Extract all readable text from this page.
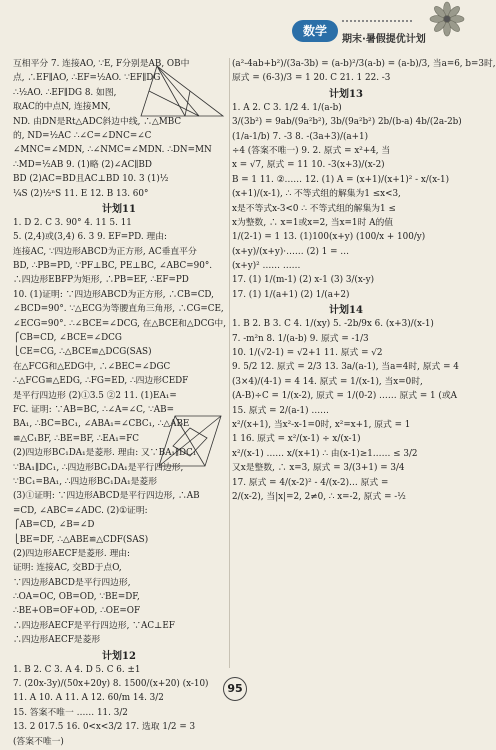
数学
期末·暑假提优计划
互相平分 7. 连接AO, ∵E, F分别是AB, OB中
点, ∴EF∥AO, ∴EF=½AO. ∵EF∥DG
∴½AO. ∴EF∥DG 8. 如图,
取AC的中点N, 连接MN,
ND. 由DN是Rt△ADC斜边中线, ∴△MBC
的, ND=½AC ∴∠C=∠DNC=∠C
∠MNC=∠MDN, ∴∠NMC=∠MDN. ∴DN=MN
∴MD=½AB 9. (1)略 (2)∠AC∥BD
BD (2)AC=BD且AC⊥BD 10. 3 (1)½
¼S (2)½ⁿS 11. E 12. B 13. 60°
计划11
1. D 2. C 3. 90° 4. 11 5. 11
5. (2,4)或(3,4) 6. 3 9. EF=PD. 理由:
连接AC, ∵四边形ABCD为正方形, AC垂直平分
BD, ∴PB=PD, ∵PF⊥BC, PE⊥BC, ∠ABC=90°.
∴四边形EBFP为矩形, ∴PB=EF, ∴EF=PD
10. (1)证明: ∵四边形ABCD为正方形, ∴CB=CD,
∠BCD=90°. ∵△ECG为等腰直角三角形, ∴CG=CE,
∠ECG=90°. ∴∠BCE=∠DCG, 在△BCE和△DCG中,
⎧CB=CD, ∠BCE=∠DCG
⎩CE=CG, ∴△BCE≌△DCG(SAS)
在△FCG和△EDG中, ∴∠BEC=∠DGC
∴△FCG≌△EDG, ∴FG=ED, ∴四边形CEDF
是平行四边形 (2)①3.5 ②2 11. (1)EA₁=
FC. 证明: ∵AB=BC, ∴∠A=∠C, ∵AB=
BA₁, ∴BC=BC₁, ∠ABA₁=∠CBC₁, ∴△ABE
≌△C₁BF, ∴BE=BF, ∴EA₁=FC
(2)四边形BC₁DA₁是菱形. 理由: 又∵BA₁∥DC₁
∵BA₁∥DC₁, ∴四边形BC₁DA₁是平行四边形,
∵BC₁=BA₁, ∴四边形BC₁DA₁是菱形
(3)①证明: ∵四边形ABCD是平行四边形, ∴AB
=CD, ∠ABC=∠ADC. (2)①证明:
⎧AB=CD, ∠B=∠D
⎩BE=DF, ∴△ABE≌△CDF(SAS)
(2)四边形AECF是菱形. 理由:
证明: 连接AC, 交BD于点O,
∵四边形ABCD是平行四边形,
∴OA=OC, OB=OD, ∵BE=DF,
∴BE+OB=OF+OD, ∴OE=OF
∴四边形AECF是平行四边形, ∵AC⊥EF
∴四边形AECF是菱形
计划12
1. B 2. C 3. A 4. D 5. C 6. ±1
7. (20x-3y)/(50x+20y) 8. 1500/(x+20) (x-10)
11. A 10. A 11. A 12. 60/m 14. 3/2
15. 答案不唯一 …… 11. 3/2
13. 2 017.5 16. 0<x<3/2 17. 选取 1/2 = 3
(答案不唯一)
(a²-4ab+b²)/(3a-3b) = (a-b)²/3(a-b) = (a-b)/3, 当a=6, b=3时,
原式 = (6-3)/3 = 1 20. C 21. 1 22. -3
计划13
1. A 2. C 3. 1/2 4. 1/(a-b)
3/(3b²) = 9ab/(9a²b²), 3b/(9a²b²) 2b/(b-a) 4b/(2a-2b)
(1/a-1/b) 7. -3 8. -(3a+3)/(a+1)
÷4 (答案不唯一) 9. 2. 原式 = x²+4, 当
x = √7, 原式 = 11 10. -3(x+3)/(x-2)
B = 1 11. ②…… 12. (1) A = (x+1)/(x+1)² - x/(x-1)
(x+1)/(x-1), ∴ 不等式组的解集为1 ≤x<3,
x是不等式x-3<0 ∴ 不等式组的解集为1 ≤
x为整数, ∴ x=1或x=2, 当x=1时 A的值
1/(2-1) = 1 13. (1)100(x+y) (100/x + 100/y)
(x+y)/(x+y)·…… (2) 1 = …
(x+y)² …… ……
17. (1) 1/(m-1) (2) x-1 (3) 3/(x-y)
17. (1) 1/(a+1) (2) 1/(a+2)
计划14
1. B 2. B 3. C 4. 1/(xy) 5. -2b/9x 6. (x+3)/(x-1)
7. -m²n 8. 1/(a-b) 9. 原式 = -1/3
10. 1/(√2-1) = √2+1 11. 原式 = √2
9. 5/2 12. 原式 = 2/3 13. 3a/(a-1), 当a=4时, 原式 = 4
(3×4)/(4-1) = 4 14. 原式 = 1/(x-1), 当x=0时,
(A-B)÷C = 1/(x-2), 原式 = 1/(0-2) …… 原式 = 1 (或A
15. 原式 = 2/(a-1) ……
x²/(x+1), 当x²-x-1=0时, x²=x+1, 原式 = 1
1 16. 原式 = x²/(x-1) ÷ x/(x-1)
x²/(x-1) …… x/(x+1) ∴ 由(x-1)≥1…… ≤ 3/2
又x是整数, ∴ x=3, 原式 = 3/(3+1) = 3/4
17. 原式 = 4/(x-2)² - 4/(x-2)… 原式 =
2/(x-2), 当|x|=2, 2≠0, ∴ x=-2, 原式 = -½
95
